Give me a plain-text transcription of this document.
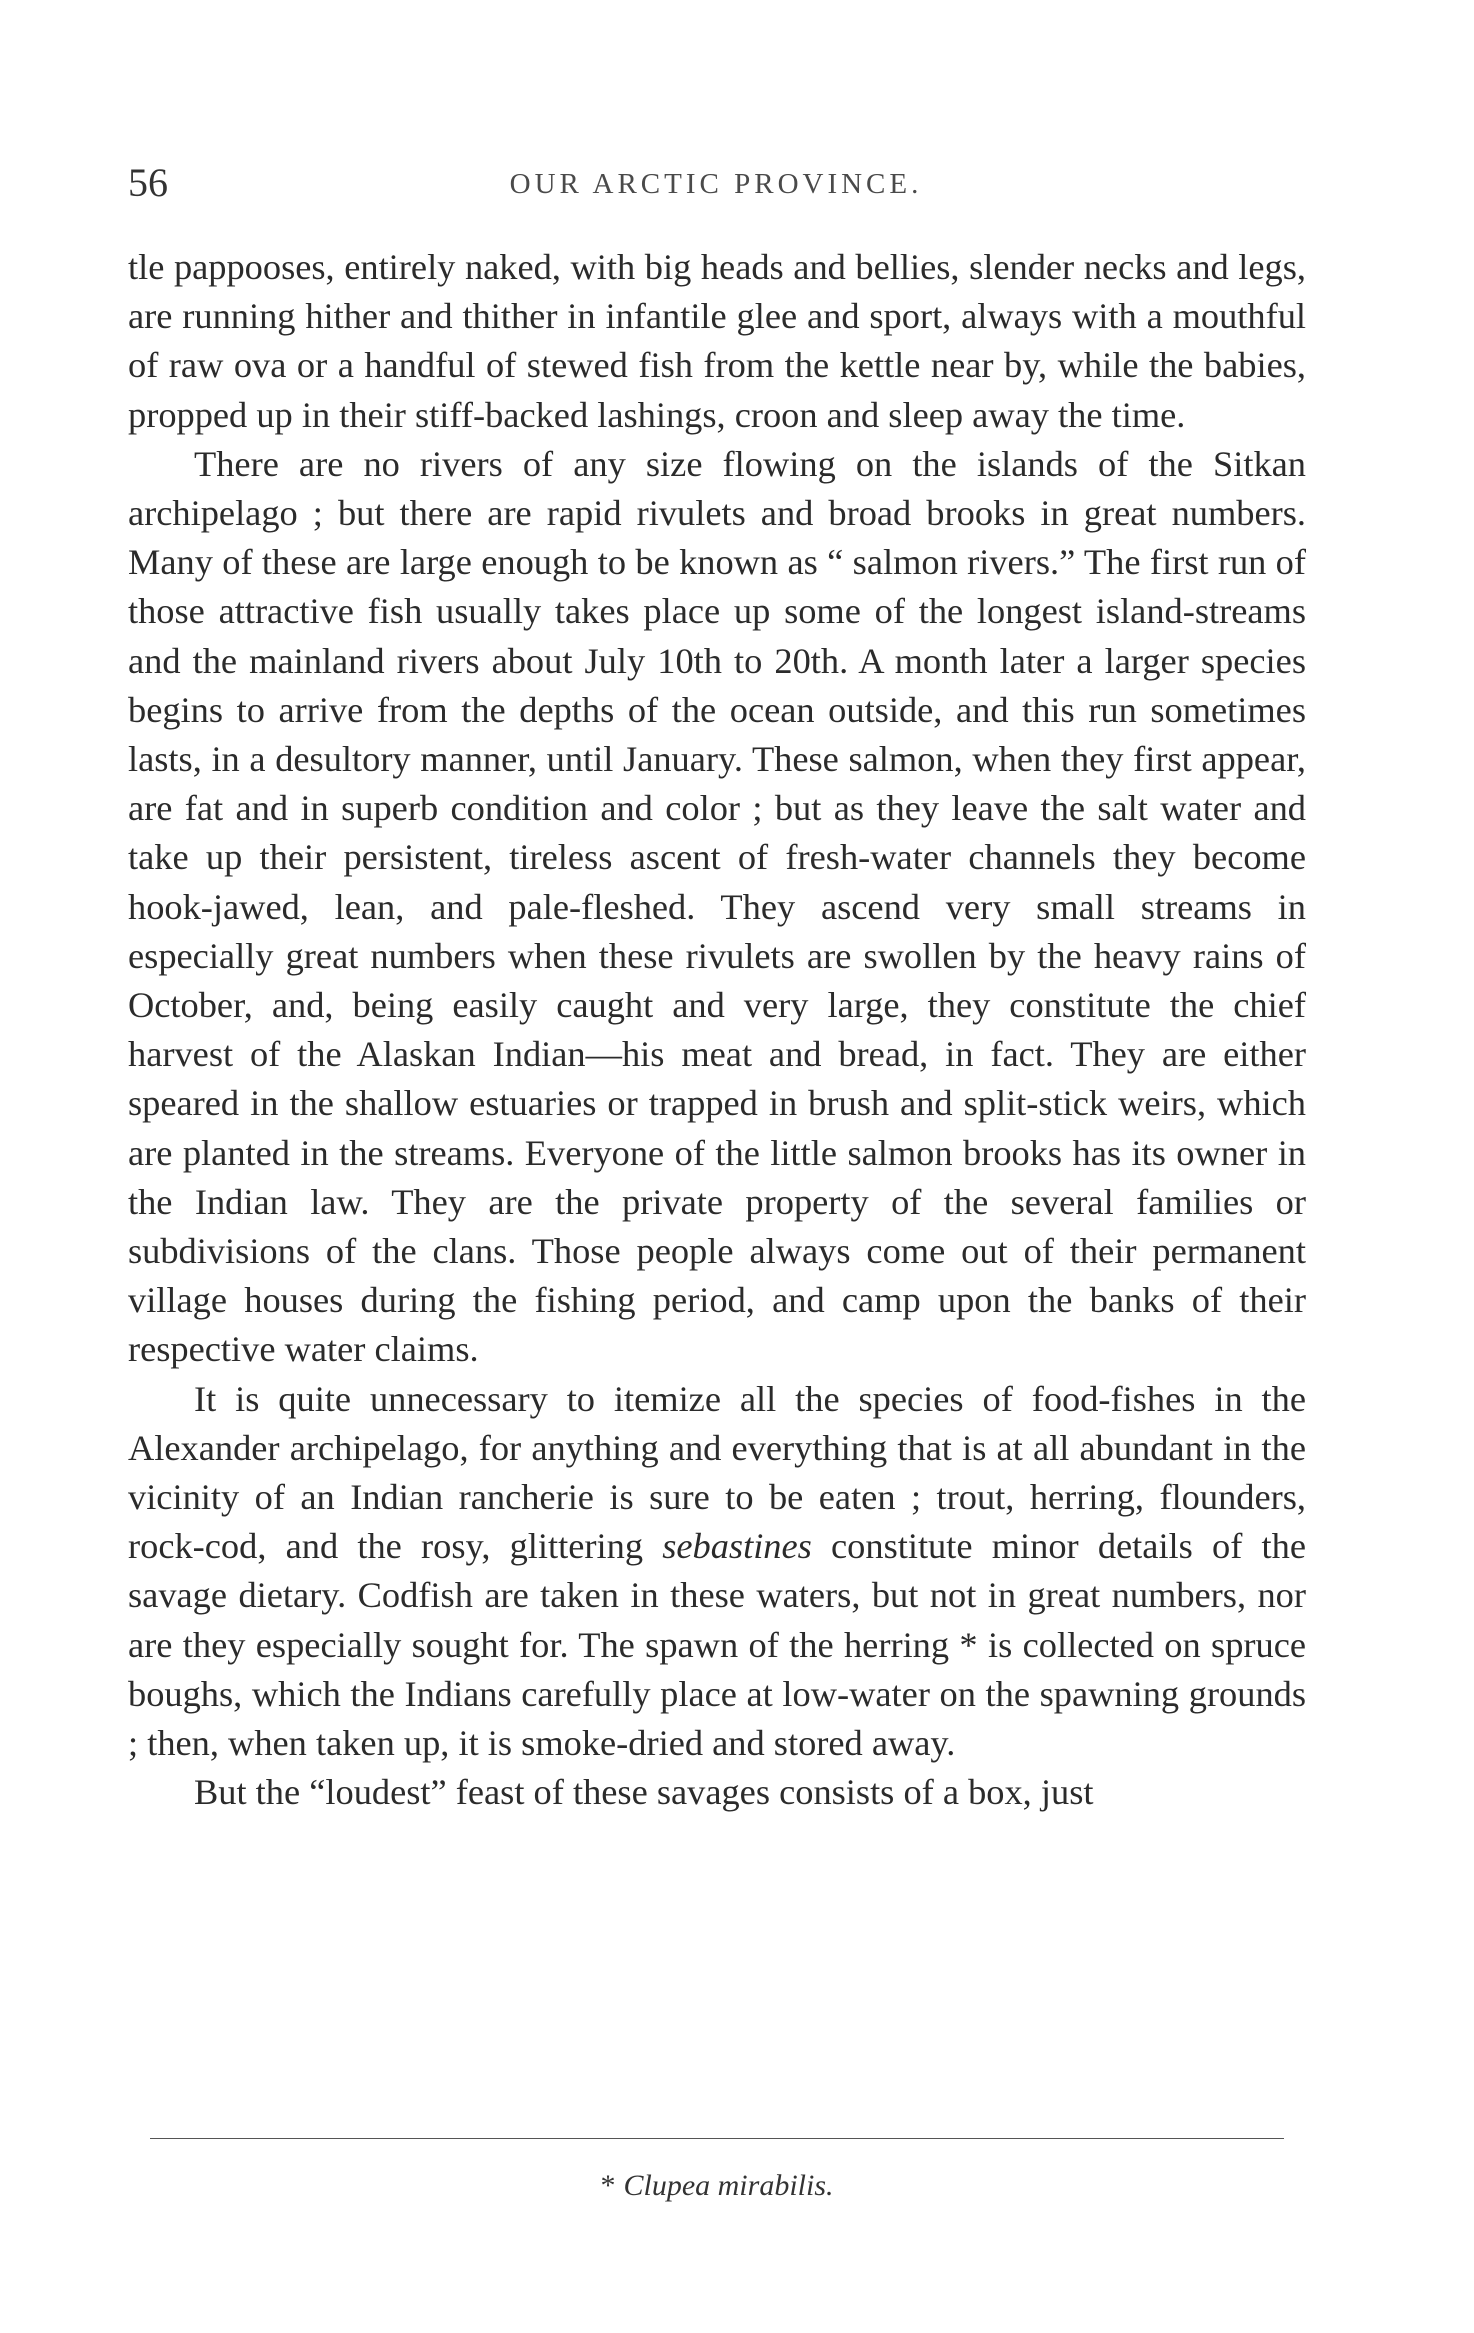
56	OUR ARCTIC PROVINCE.

tle pappooses, entirely naked, with big heads and bellies, slender necks and legs, are running hither and thither in infantile glee and sport, always with a mouthful of raw ova or a handful of stewed fish from the kettle near by, while the babies, propped up in their stiff-backed lashings, croon and sleep away the time.

There are no rivers of any size flowing on the islands of the Sitkan archipelago ; but there are rapid rivulets and broad brooks in great numbers. Many of these are large enough to be known as “ salmon rivers.” The first run of those attractive fish usually takes place up some of the longest island-streams and the mainland rivers about July 10th to 20th. A month later a larger species begins to arrive from the depths of the ocean outside, and this run sometimes lasts, in a desultory manner, until January. These salmon, when they first appear, are fat and in superb condition and color ; but as they leave the salt water and take up their persistent, tireless ascent of fresh-water channels they become hook-jawed, lean, and pale-fleshed. They ascend very small streams in especially great numbers when these rivulets are swollen by the heavy rains of October, and, being easily caught and very large, they constitute the chief harvest of the Alaskan Indian—his meat and bread, in fact. They are either speared in the shallow estuaries or trapped in brush and split-stick weirs, which are planted in the streams. Everyone of the little salmon brooks has its owner in the Indian law. They are the private property of the several families or subdivisions of the clans. Those people always come out of their permanent village houses during the fishing period, and camp upon the banks of their respective water claims.

It is quite unnecessary to itemize all the species of food-fishes in the Alexander archipelago, for anything and everything that is at all abundant in the vicinity of an Indian rancherie is sure to be eaten ; trout, herring, flounders, rock-cod, and the rosy, glittering sebastines constitute minor details of the savage dietary. Codfish are taken in these waters, but not in great numbers, nor are they especially sought for. The spawn of the herring * is collected on spruce boughs, which the Indians carefully place at low-water on the spawning grounds ; then, when taken up, it is smoke-dried and stored away.

But the “loudest” feast of these savages consists of a box, just

* Clupea mirabilis.
